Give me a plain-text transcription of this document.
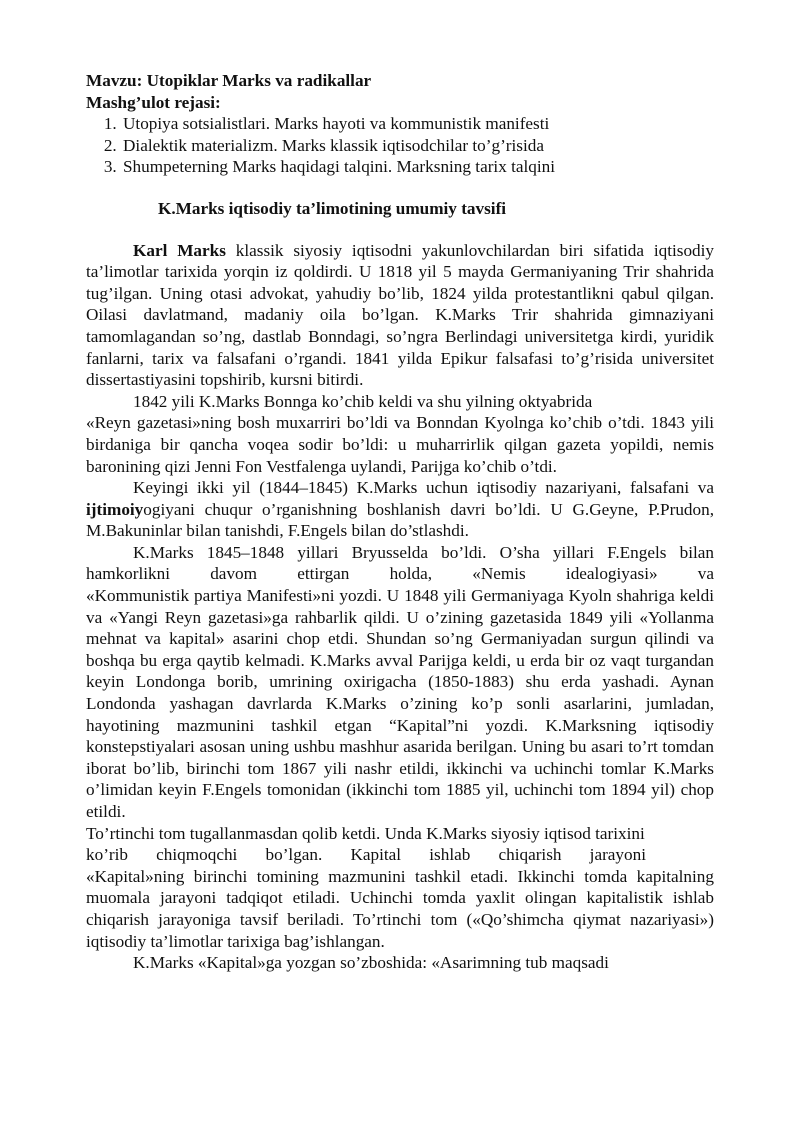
Mavzu: Utopiklar Marks va radikallar

Mashg’ulot rejasi:

1. Utopiya sotsialistlari. Marks hayoti va kommunistik manifesti
2. Dialektik materializm. Marks klassik iqtisodchilar to’g’risida
3. Shumpeterning Marks haqidagi talqini. Marksning tarix talqini

K.Marks iqtisodiy ta’limotining umumiy tavsifi

Karl Marks klassik siyosiy iqtisodni yakunlovchilardan biri sifatida iqtisodiy ta’limotlar tarixida yorqin iz qoldirdi. U 1818 yil 5 mayda Germaniyaning Trir shahrida tug’ilgan. Uning otasi advokat, yahudiy bo’lib, 1824 yilda protestantlikni qabul qilgan. Oilasi davlatmand, madaniy oila bo’lgan. K.Marks Trir shahrida gimnaziyani tamomlagandan so’ng, dastlab Bonndagi, so’ngra Berlindagi universitetga kirdi, yuridik fanlarni, tarix va falsafani o’rgandi. 1841 yilda Epikur falsafasi to’g’risida universitet dissertastiyasini topshirib, kursni bitirdi.

1842 yili K.Marks Bonnga ko’chib keldi va shu yilning oktyabrida

«Reyn gazetasi»ning bosh muxarriri bo’ldi va Bonndan Kyolnga ko’chib o’tdi. 1843 yili birdaniga bir qancha voqea sodir bo’ldi: u muharrirlik qilgan gazeta yopildi, nemis baronining qizi Jenni Fon Vestfalenga uylandi, Parijga ko’chib o’tdi.

Keyingi ikki yil (1844–1845) K.Marks uchun iqtisodiy nazariyani, falsafani va ijtimoiyogiyani chuqur o’rganishning boshlanish davri bo’ldi. U G.Geyne, P.Prudon, M.Bakuninlar bilan tanishdi, F.Engels bilan do’stlashdi.

K.Marks 1845–1848 yillari Bryusselda bo’ldi. O’sha yillari F.Engels bilan hamkorlikni davom ettirgan holda, «Nemis idealogiyasi» va

«Kommunistik partiya Manifesti»ni yozdi. U 1848 yili Germaniyaga Kyoln shahriga keldi va «Yangi Reyn gazetasi»ga rahbarlik qildi. U o’zining gazetasida 1849 yili «Yollanma mehnat va kapital» asarini chop etdi. Shundan so’ng Germaniyadan surgun qilindi va boshqa bu erga qaytib kelmadi. K.Marks avval Parijga keldi, u erda bir oz vaqt turgandan keyin Londonga borib, umrining oxirigacha (1850-1883) shu erda yashadi. Aynan Londonda yashagan davrlarda K.Marks o’zining ko’p sonli asarlarini, jumladan, hayotining mazmunini tashkil etgan “Kapital”ni yozdi. K.Marksning iqtisodiy konstepstiyalari asosan uning ushbu mashhur asarida berilgan. Uning bu asari to’rt tomdan iborat bo’lib, birinchi tom 1867 yili nashr etildi, ikkinchi va uchinchi tomlar K.Marks o’limidan keyin F.Engels tomonidan (ikkinchi tom 1885 yil, uchinchi tom 1894 yil) chop etildi.

To’rtinchi tom tugallanmasdan qolib ketdi. Unda K.Marks siyosiy iqtisod tarixini

ko’rib chiqmoqchi bo’lgan. Kapital ishlab chiqarish jarayoni

«Kapital»ning birinchi tomining mazmunini tashkil etadi. Ikkinchi tomda kapitalning muomala jarayoni tadqiqot etiladi. Uchinchi tomda yaxlit olingan kapitalistik ishlab chiqarish jarayoniga tavsif beriladi. To’rtinchi tom («Qo’shimcha qiymat nazariyasi») iqtisodiy ta’limotlar tarixiga bag’ishlangan.

K.Marks «Kapital»ga yozgan so’zboshida: «Asarimning tub maqsadi
